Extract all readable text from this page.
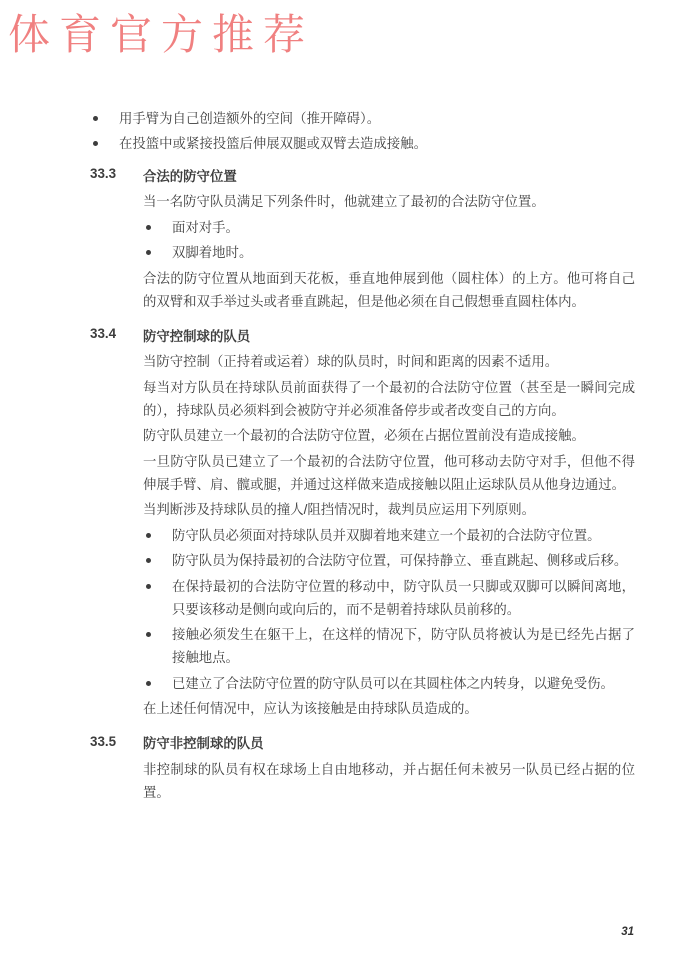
体育官方推荐
用手臂为自己创造额外的空间（推开障碍）。
在投篮中或紧接投篮后伸展双腿或双臂去造成接触。
33.3	合法的防守位置

当一名防守队员满足下列条件时，他就建立了最初的合法防守位置。

面对对手。
双脚着地时。

合法的防守位置从地面到天花板，垂直地伸展到他（圆柱体）的上方。他可将自己的双臂和双手举过头或者垂直跳起，但是他必须在自己假想垂直圆柱体内。

33.4	防守控制球的队员

当防守控制（正持着或运着）球的队员时，时间和距离的因素不适用。

每当对方队员在持球队员前面获得了一个最初的合法防守位置（甚至是一瞬间完成的），持球队员必须料到会被防守并必须准备停步或者改变自己的方向。

防守队员建立一个最初的合法防守位置，必须在占据位置前没有造成接触。

一旦防守队员已建立了一个最初的合法防守位置，他可移动去防守对手，但他不得伸展手臂、肩、髋或腿，并通过这样做来造成接触以阻止运球队员从他身边通过。

当判断涉及持球队员的撞人/阻挡情况时，裁判员应运用下列原则。

防守队员必须面对持球队员并双脚着地来建立一个最初的合法防守位置。
防守队员为保持最初的合法防守位置，可保持静立、垂直跳起、侧移或后移。
在保持最初的合法防守位置的移动中，防守队员一只脚或双脚可以瞬间离地，只要该移动是侧向或向后的，而不是朝着持球队员前移的。
接触必须发生在躯干上，在这样的情况下，防守队员将被认为是已经先占据了接触地点。
已建立了合法防守位置的防守队员可以在其圆柱体之内转身，以避免受伤。

在上述任何情况中，应认为该接触是由持球队员造成的。

33.5	防守非控制球的队员

非控制球的队员有权在球场上自由地移动，并占据任何未被另一队员已经占据的位置。

31
